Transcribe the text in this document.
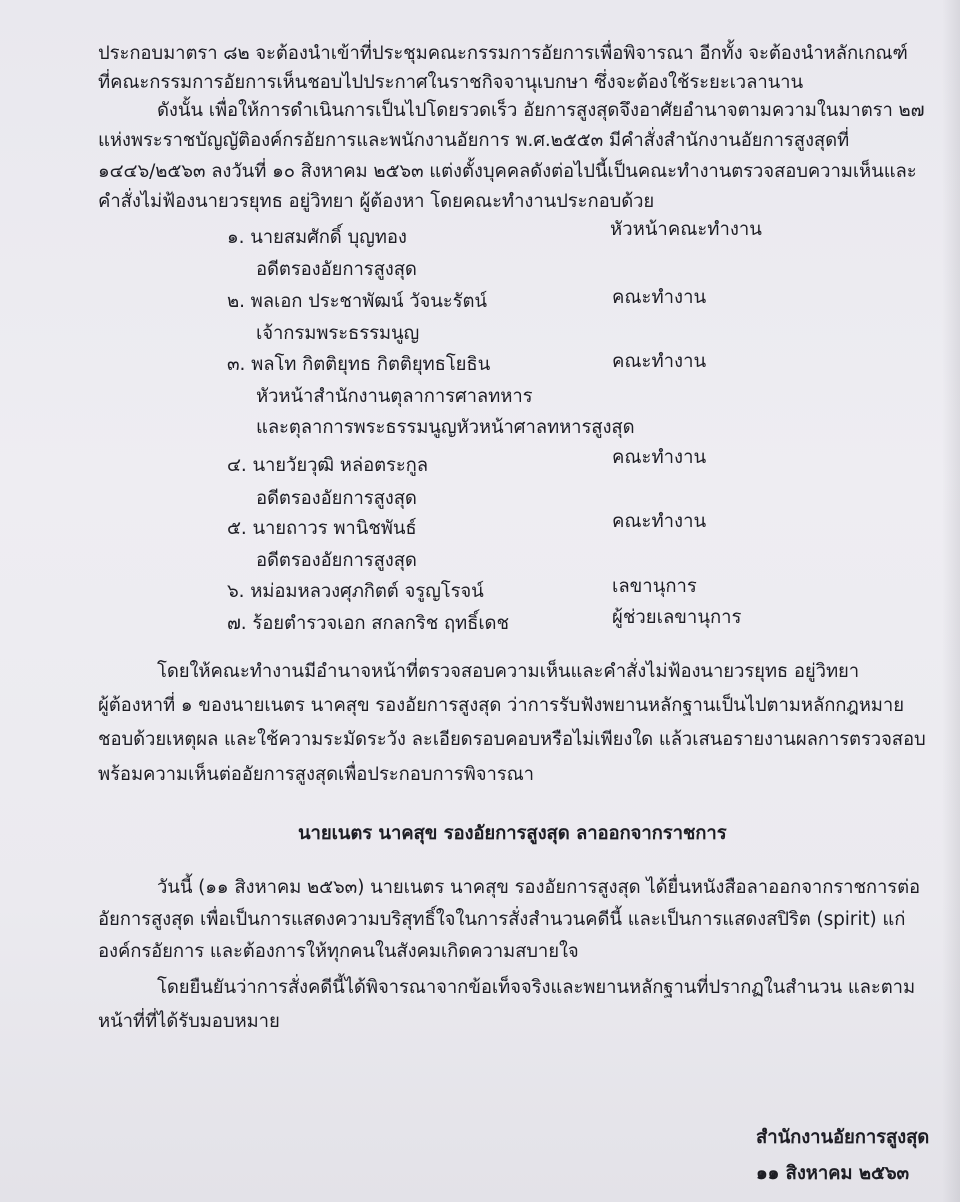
ประกอบมาตรา ๘๒ จะต้องนำเข้าที่ประชุมคณะกรรมการอัยการเพื่อพิจารณา อีกทั้ง จะต้องนำหลักเกณฑ์
ที่คณะกรรมการอัยการเห็นชอบไปประกาศในราชกิจจานุเบกษา ซึ่งจะต้องใช้ระยะเวลานาน
ดังนั้น เพื่อให้การดำเนินการเป็นไปโดยรวดเร็ว อัยการสูงสุดจึงอาศัยอำนาจตามความในมาตรา ๒๗
แห่งพระราชบัญญัติองค์กรอัยการและพนักงานอัยการ พ.ศ.๒๕๕๓ มีคำสั่งสำนักงานอัยการสูงสุดที่
๑๔๔๖/๒๕๖๓ ลงวันที่ ๑๐ สิงหาคม ๒๕๖๓ แต่งตั้งบุคคลดังต่อไปนี้เป็นคณะทำงานตรวจสอบความเห็นและ
คำสั่งไม่ฟ้องนายวรยุทธ อยู่วิทยา ผู้ต้องหา โดยคณะทำงานประกอบด้วย
๑. นายสมศักดิ์ บุญทอง	หัวหน้าคณะทำงาน
อดีตรองอัยการสูงสุด
๒. พลเอก ประชาพัฒน์ วัจนะรัตน์	คณะทำงาน
เจ้ากรมพระธรรมนูญ
๓. พลโท กิตติยุทธ กิตติยุทธโยธิน	คณะทำงาน
หัวหน้าสำนักงานตุลาการศาลทหาร
และตุลาการพระธรรมนูญหัวหน้าศาลทหารสูงสุด
๔. นายวัยวุฒิ หล่อตระกูล	คณะทำงาน
อดีตรองอัยการสูงสุด
๕. นายถาวร พานิชพันธ์	คณะทำงาน
อดีตรองอัยการสูงสุด
๖. หม่อมหลวงศุภกิตต์ จรูญโรจน์	เลขานุการ
๗. ร้อยตำรวจเอก สกลกริช ฤทธิ์เดช	ผู้ช่วยเลขานุการ
โดยให้คณะทำงานมีอำนาจหน้าที่ตรวจสอบความเห็นและคำสั่งไม่ฟ้องนายวรยุทธ อยู่วิทยา
ผู้ต้องหาที่ ๑ ของนายเนตร นาคสุข รองอัยการสูงสุด ว่าการรับฟังพยานหลักฐานเป็นไปตามหลักกฎหมาย
ชอบด้วยเหตุผล และใช้ความระมัดระวัง ละเอียดรอบคอบหรือไม่เพียงใด แล้วเสนอรายงานผลการตรวจสอบ
พร้อมความเห็นต่ออัยการสูงสุดเพื่อประกอบการพิจารณา
นายเนตร นาคสุข รองอัยการสูงสุด ลาออกจากราชการ
วันนี้ (๑๑ สิงหาคม ๒๕๖๓) นายเนตร นาคสุข รองอัยการสูงสุด ได้ยื่นหนังสือลาออกจากราชการต่อ
อัยการสูงสุด เพื่อเป็นการแสดงความบริสุทธิ์ใจในการสั่งสำนวนคดีนี้ และเป็นการแสดงสปิริต (spirit) แก่
องค์กรอัยการ และต้องการให้ทุกคนในสังคมเกิดความสบายใจ
โดยยืนยันว่าการสั่งคดีนี้ได้พิจารณาจากข้อเท็จจริงและพยานหลักฐานที่ปรากฏในสำนวน และตาม
หน้าที่ที่ได้รับมอบหมาย
สำนักงานอัยการสูงสุด
๑๑ สิงหาคม ๒๕๖๓
